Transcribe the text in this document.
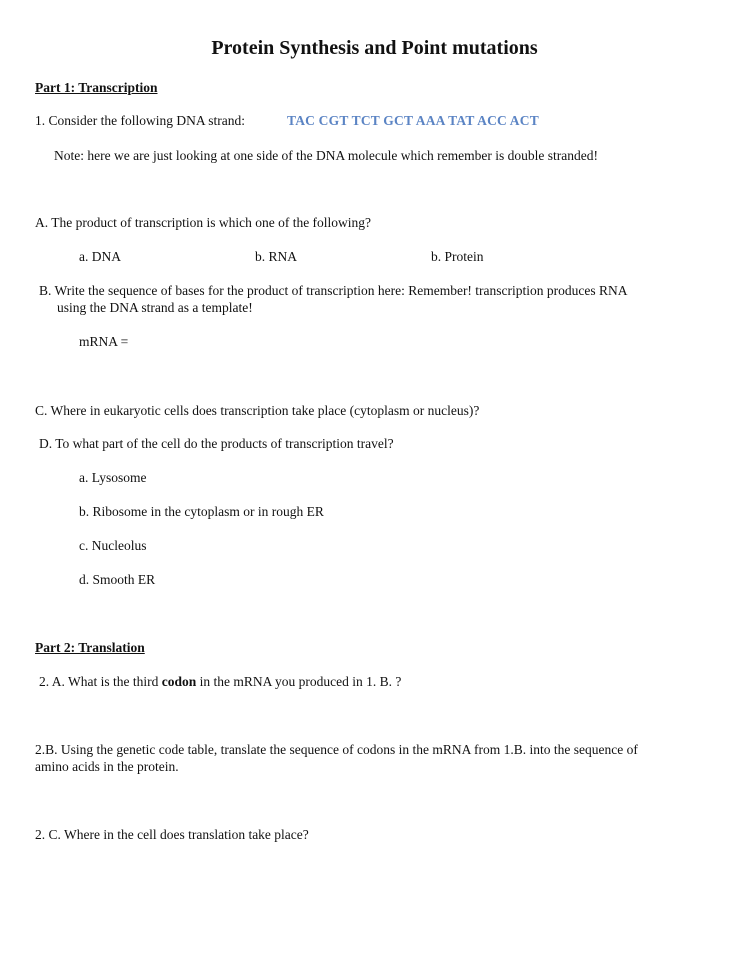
Protein Synthesis and Point mutations
Part 1: Transcription
1. Consider the following DNA strand:	TAC CGT TCT GCT AAA TAT ACC ACT
Note: here we are just looking at one side of the DNA molecule which remember is double stranded!
A. The product of transcription is which one of the following?
a. DNA	b. RNA	b. Protein
B. Write the sequence of bases for the product of transcription here: Remember! transcription produces RNA
using the DNA strand as a template!
mRNA =
C. Where in eukaryotic cells does transcription take place (cytoplasm or nucleus)?
D. To what part of the cell do the products of transcription travel?
a. Lysosome
b. Ribosome in the cytoplasm or in rough ER
c. Nucleolus
d. Smooth ER
Part 2: Translation
2. A. What is the third codon in the mRNA you produced in 1. B. ?
2.B. Using the genetic code table, translate the sequence of codons in the mRNA from 1.B. into the sequence of
amino acids in the protein.
2. C. Where in the cell does translation take place?
